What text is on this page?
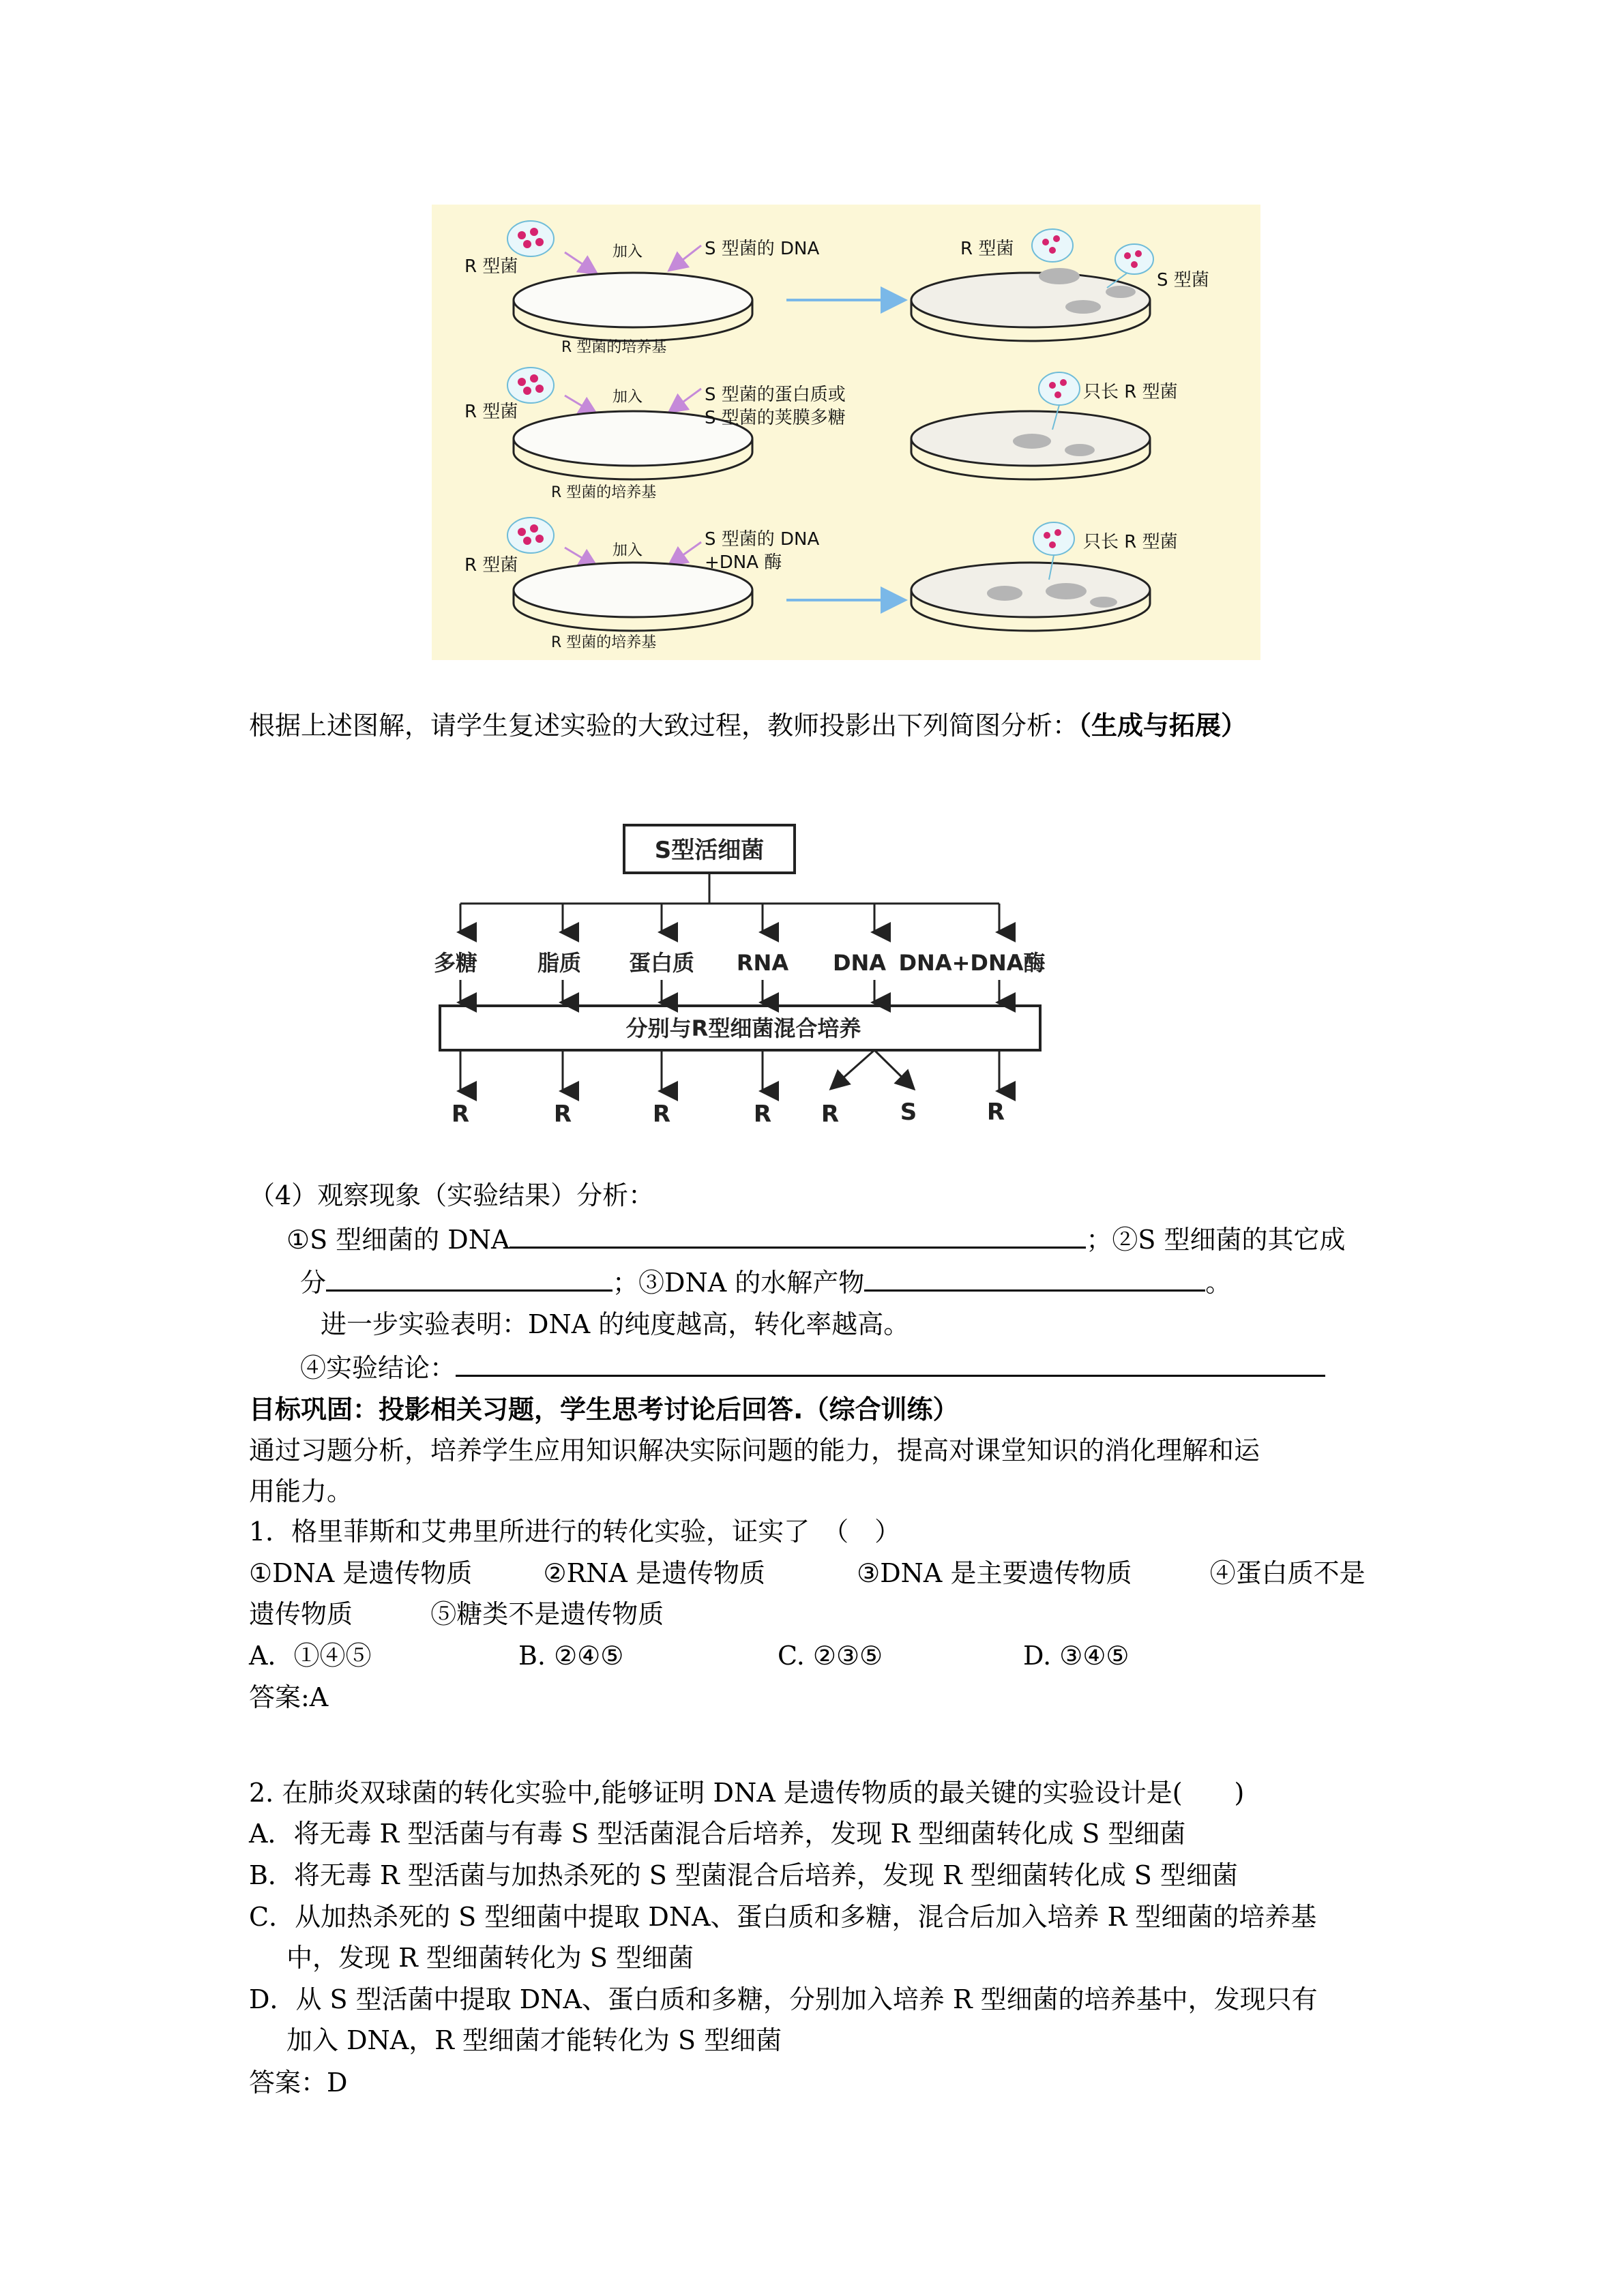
R 型菌
加入	S 型菌的 DNA
R 型菌的培养基
R 型菌
S 型菌
R 型菌
加入	S 型菌的蛋白质或
S 型菌的荚膜多糖
R 型菌的培养基
只长 R 型菌
R 型菌
加入
S 型菌的 DNA
+DNA 酶
R 型菌的培养基
只长 R 型菌
根据上述图解，请学生复述实验的大致过程，教师投影出下列简图分析：（生成与拓展）
S型活细菌
多糖	脂质 蛋白质 RNA DNA DNA+DNA酶
分别与R型细菌混合培养
R	R	R	R R	S	R
（4）观察现象（实验结果）分析：
①S 型细菌的 DNA	；②S 型细菌的其它成
分	；③DNA 的水解产物	。
进一步实验表明：DNA 的纯度越高，转化率越高。
④实验结论：
目标巩固：投影相关习题，学生思考讨论后回答.（综合训练）
通过习题分析，培养学生应用知识解决实际问题的能力，提高对课堂知识的消化理解和运
用能力。
1．格里菲斯和艾弗里所进行的转化实验，证实了　（　）
①DNA 是遗传物质	②RNA 是遗传物质	③DNA 是主要遗传物质	④蛋白质不是
遗传物质	⑤糖类不是遗传物质
A．①④⑤	B. ②④⑤	C. ②③⑤	D. ③④⑤
答案:A
2. 在肺炎双球菌的转化实验中,能够证明 DNA 是遗传物质的最关键的实验设计是(　　)
A．将无毒 R 型活菌与有毒 S 型活菌混合后培养，发现 R 型细菌转化成 S 型细菌
B．将无毒 R 型活菌与加热杀死的 S 型菌混合后培养，发现 R 型细菌转化成 S 型细菌
C．从加热杀死的 S 型细菌中提取 DNA、蛋白质和多糖，混合后加入培养 R 型细菌的培养基
中，发现 R 型细菌转化为 S 型细菌
D．从 S 型活菌中提取 DNA、蛋白质和多糖，分别加入培养 R 型细菌的培养基中，发现只有
加入 DNA，R 型细菌才能转化为 S 型细菌
答案：D
